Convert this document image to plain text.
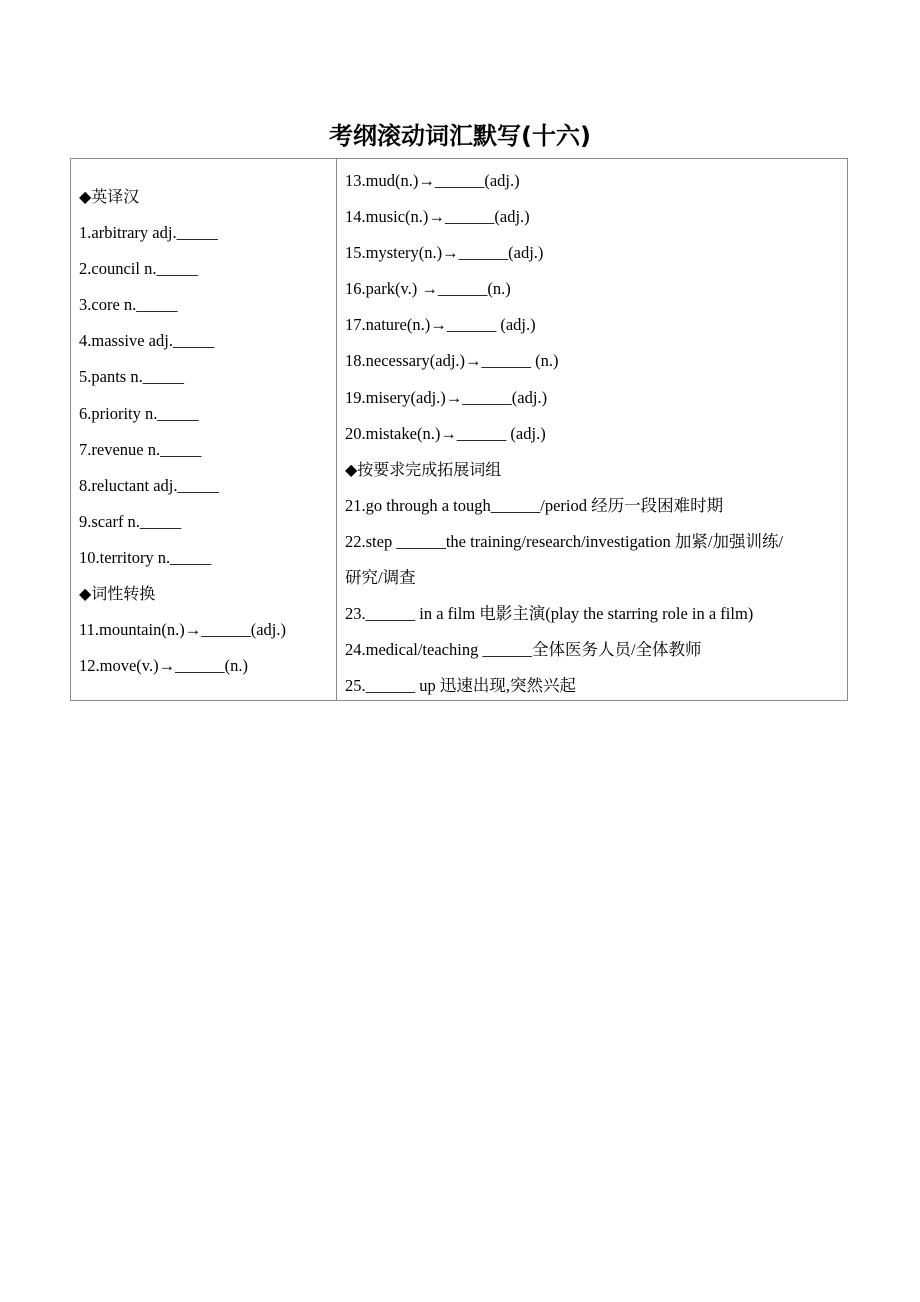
考纲滚动词汇默写(十六)
◆英译汉
1.arbitrary adj._____
2.council n._____
3.core n._____
4.massive adj._____
5.pants n._____
6.priority n._____
7.revenue n._____
8.reluctant adj._____
9.scarf n._____
10.territory n._____
◆词性转换
11.mountain(n.)→______(adj.)
12.move(v.)→______(n.)
13.mud(n.)→______(adj.)
14.music(n.)→______(adj.)
15.mystery(n.)→______(adj.)
16.park(v.) →______(n.)
17.nature(n.)→______ (adj.)
18.necessary(adj.)→______ (n.)
19.misery(adj.)→______(adj.)
20.mistake(n.)→______ (adj.)
◆按要求完成拓展词组
21.go through a tough______/period 经历一段困难时期
22.step ______the training/research/investigation 加紧/加强训练/
研究/调查
23.______ in a film 电影主演(play the starring role in a film)
24.medical/teaching ______全体医务人员/全体教师
25.______ up 迅速出现,突然兴起
